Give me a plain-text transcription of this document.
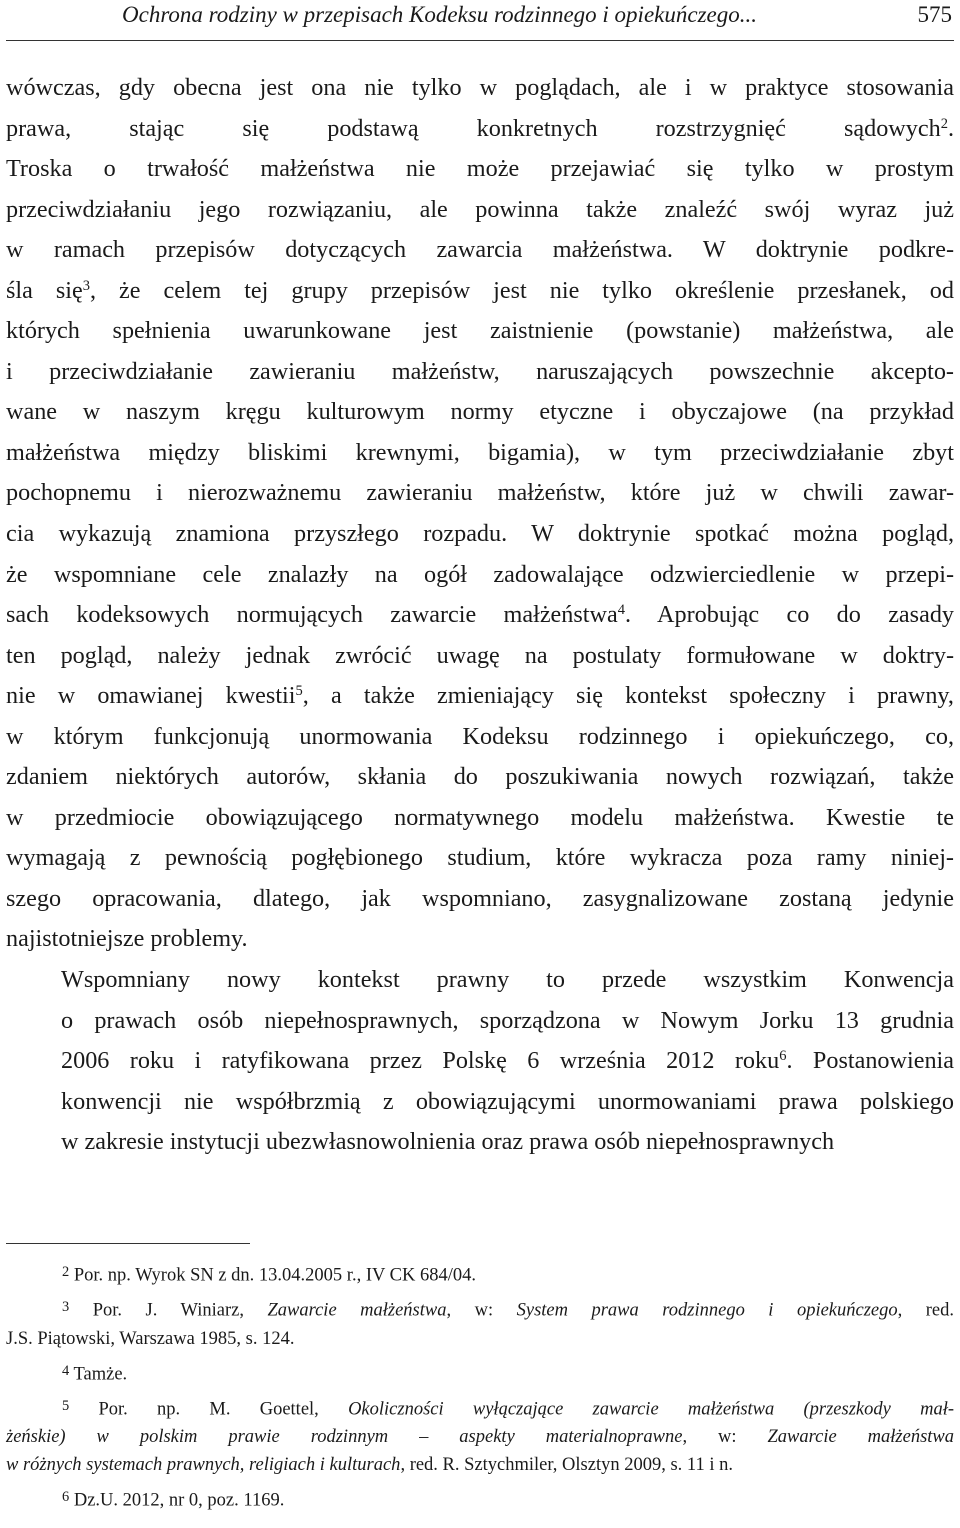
Ochrona rodziny w przepisach Kodeksu rodzinnego i opiekuńczego...	575

wówczas, gdy obecna jest ona nie tylko w poglądach, ale i w praktyce stosowania
prawa, stając się podstawą konkretnych rozstrzygnięć sądowych$^2$.
Troska o trwałość małżeństwa nie może przejawiać się tylko w prostym
przeciwdziałaniu jego rozwiązaniu, ale powinna także znaleźć swój wyraz już
w ramach przepisów dotyczących zawarcia małżeństwa. W doktrynie podkre-
śla się$^3$, że celem tej grupy przepisów jest nie tylko określenie przesłanek, od
których spełnienia uwarunkowane jest zaistnienie (powstanie) małżeństwa, ale
i przeciwdziałanie zawieraniu małżeństw, naruszających powszechnie akcepto-
wane w naszym kręgu kulturowym normy etyczne i obyczajowe (na przykład
małżeństwa między bliskimi krewnymi, bigamia), w tym przeciwdziałanie zbyt
pochopnemu i nierozważnemu zawieraniu małżeństw, które już w chwili zawar-
cia wykazują znamiona przyszłego rozpadu. W doktrynie spotkać można pogląd,
że wspomniane cele znalazły na ogół zadowalające odzwierciedlenie w przepi-
sach kodeksowych normujących zawarcie małżeństwa$^4$. Aprobując co do zasady
ten pogląd, należy jednak zwrócić uwagę na postulaty formułowane w doktry-
nie w omawianej kwestii$^5$, a także zmieniający się kontekst społeczny i prawny,
w którym funkcjonują unormowania Kodeksu rodzinnego i opiekuńczego, co,
zdaniem niektórych autorów, skłania do poszukiwania nowych rozwiązań, także
w przedmiocie obowiązującego normatywnego modelu małżeństwa. Kwestie te
wymagają z pewnością pogłębionego studium, które wykracza poza ramy niniej-
szego opracowania, dlatego, jak wspomniano, zasygnalizowane zostaną jedynie
najistotniejsze problemy.

Wspomniany nowy kontekst prawny to przede wszystkim Konwencja
o prawach osób niepełnosprawnych, sporządzona w Nowym Jorku 13 grudnia
2006 roku i ratyfikowana przez Polskę 6 września 2012 roku$^6$. Postanowienia
konwencji nie współbrzmią z obowiązującymi unormowaniami prawa polskiego
w zakresie instytucji ubezwłasnowolnienia oraz prawa osób niepełnosprawnych

$^2$ Por. np. Wyrok SN z dn. 13.04.2005 r., IV CK 684/04.

$^3$ Por. J. Winiarz, Zawarcie małżeństwa, w: System prawa rodzinnego i opiekuńczego, red.
J.S. Piątowski, Warszawa 1985, s. 124.

$^4$ Tamże.

$^5$ Por. np. M. Goettel, Okoliczności wyłączające zawarcie małżeństwa (przeszkody mał-
żeńskie) w polskim prawie rodzinnym – aspekty materialnoprawne, w: Zawarcie małżeństwa
w różnych systemach prawnych, religiach i kulturach, red. R. Sztychmiler, Olsztyn 2009, s. 11 i n.

$^6$ Dz.U. 2012, nr 0, poz. 1169.
